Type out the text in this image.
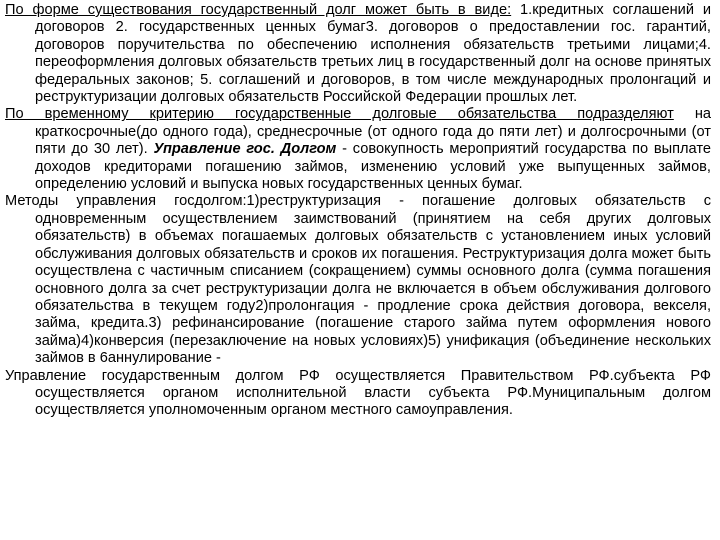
По форме существования государственный долг может быть в виде: 1.кредитных соглашений и договоров 2. государственных ценных бумаг3. договоров о предоставлении гос. гарантий, договоров поручительства по обеспечению исполнения обязательств третьими лицами;4. переоформления долговых обязательств третьих лиц в государственный долг на основе принятых федеральных законов; 5. соглашений и договоров, в том числе международных пролонгаций и реструктуризации долговых обязательств Российской Федерации прошлых лет.

По временному критерию государственные долговые обязательства подразделяют на краткосрочные(до одного года), среднесрочные (от одного года до пяти лет) и долгосрочными (от пяти до 30 лет). Управление гос. Долгом - совокупность мероприятий государства по выплате доходов кредиторами погашению займов, изменению условий уже выпущенных займов, определению условий и выпуска новых государственных ценных бумаг.

Методы управления госдолгом:1)реструктуризация - погашение долговых обязательств с одновременным осуществлением заимствований (принятием на себя других долговых обязательств) в объемах погашаемых долговых обязательств с установлением иных условий обслуживания долговых обязательств и сроков их погашения. Реструктуризация долга может быть осуществлена с частичным списанием (сокращением) суммы основного долга (сумма погашения основного долга за счет реструктуризации долга не включается в объем обслуживания долгового обязательства в текущем году2)пролонгация - продление срока действия договора, векселя, займа, кредита.3) рефинансирование (погашение старого займа путем оформления нового займа)4)конверсия (перезаключение на новых условиях)5) унификация (объединение нескольких займов в 6аннулирование -

Управление государственным долгом РФ осуществляется Правительством РФ.субъекта РФ осуществляется органом исполнительной власти субъекта РФ.Муниципальным долгом осуществляется уполномоченным органом местного самоуправления.
